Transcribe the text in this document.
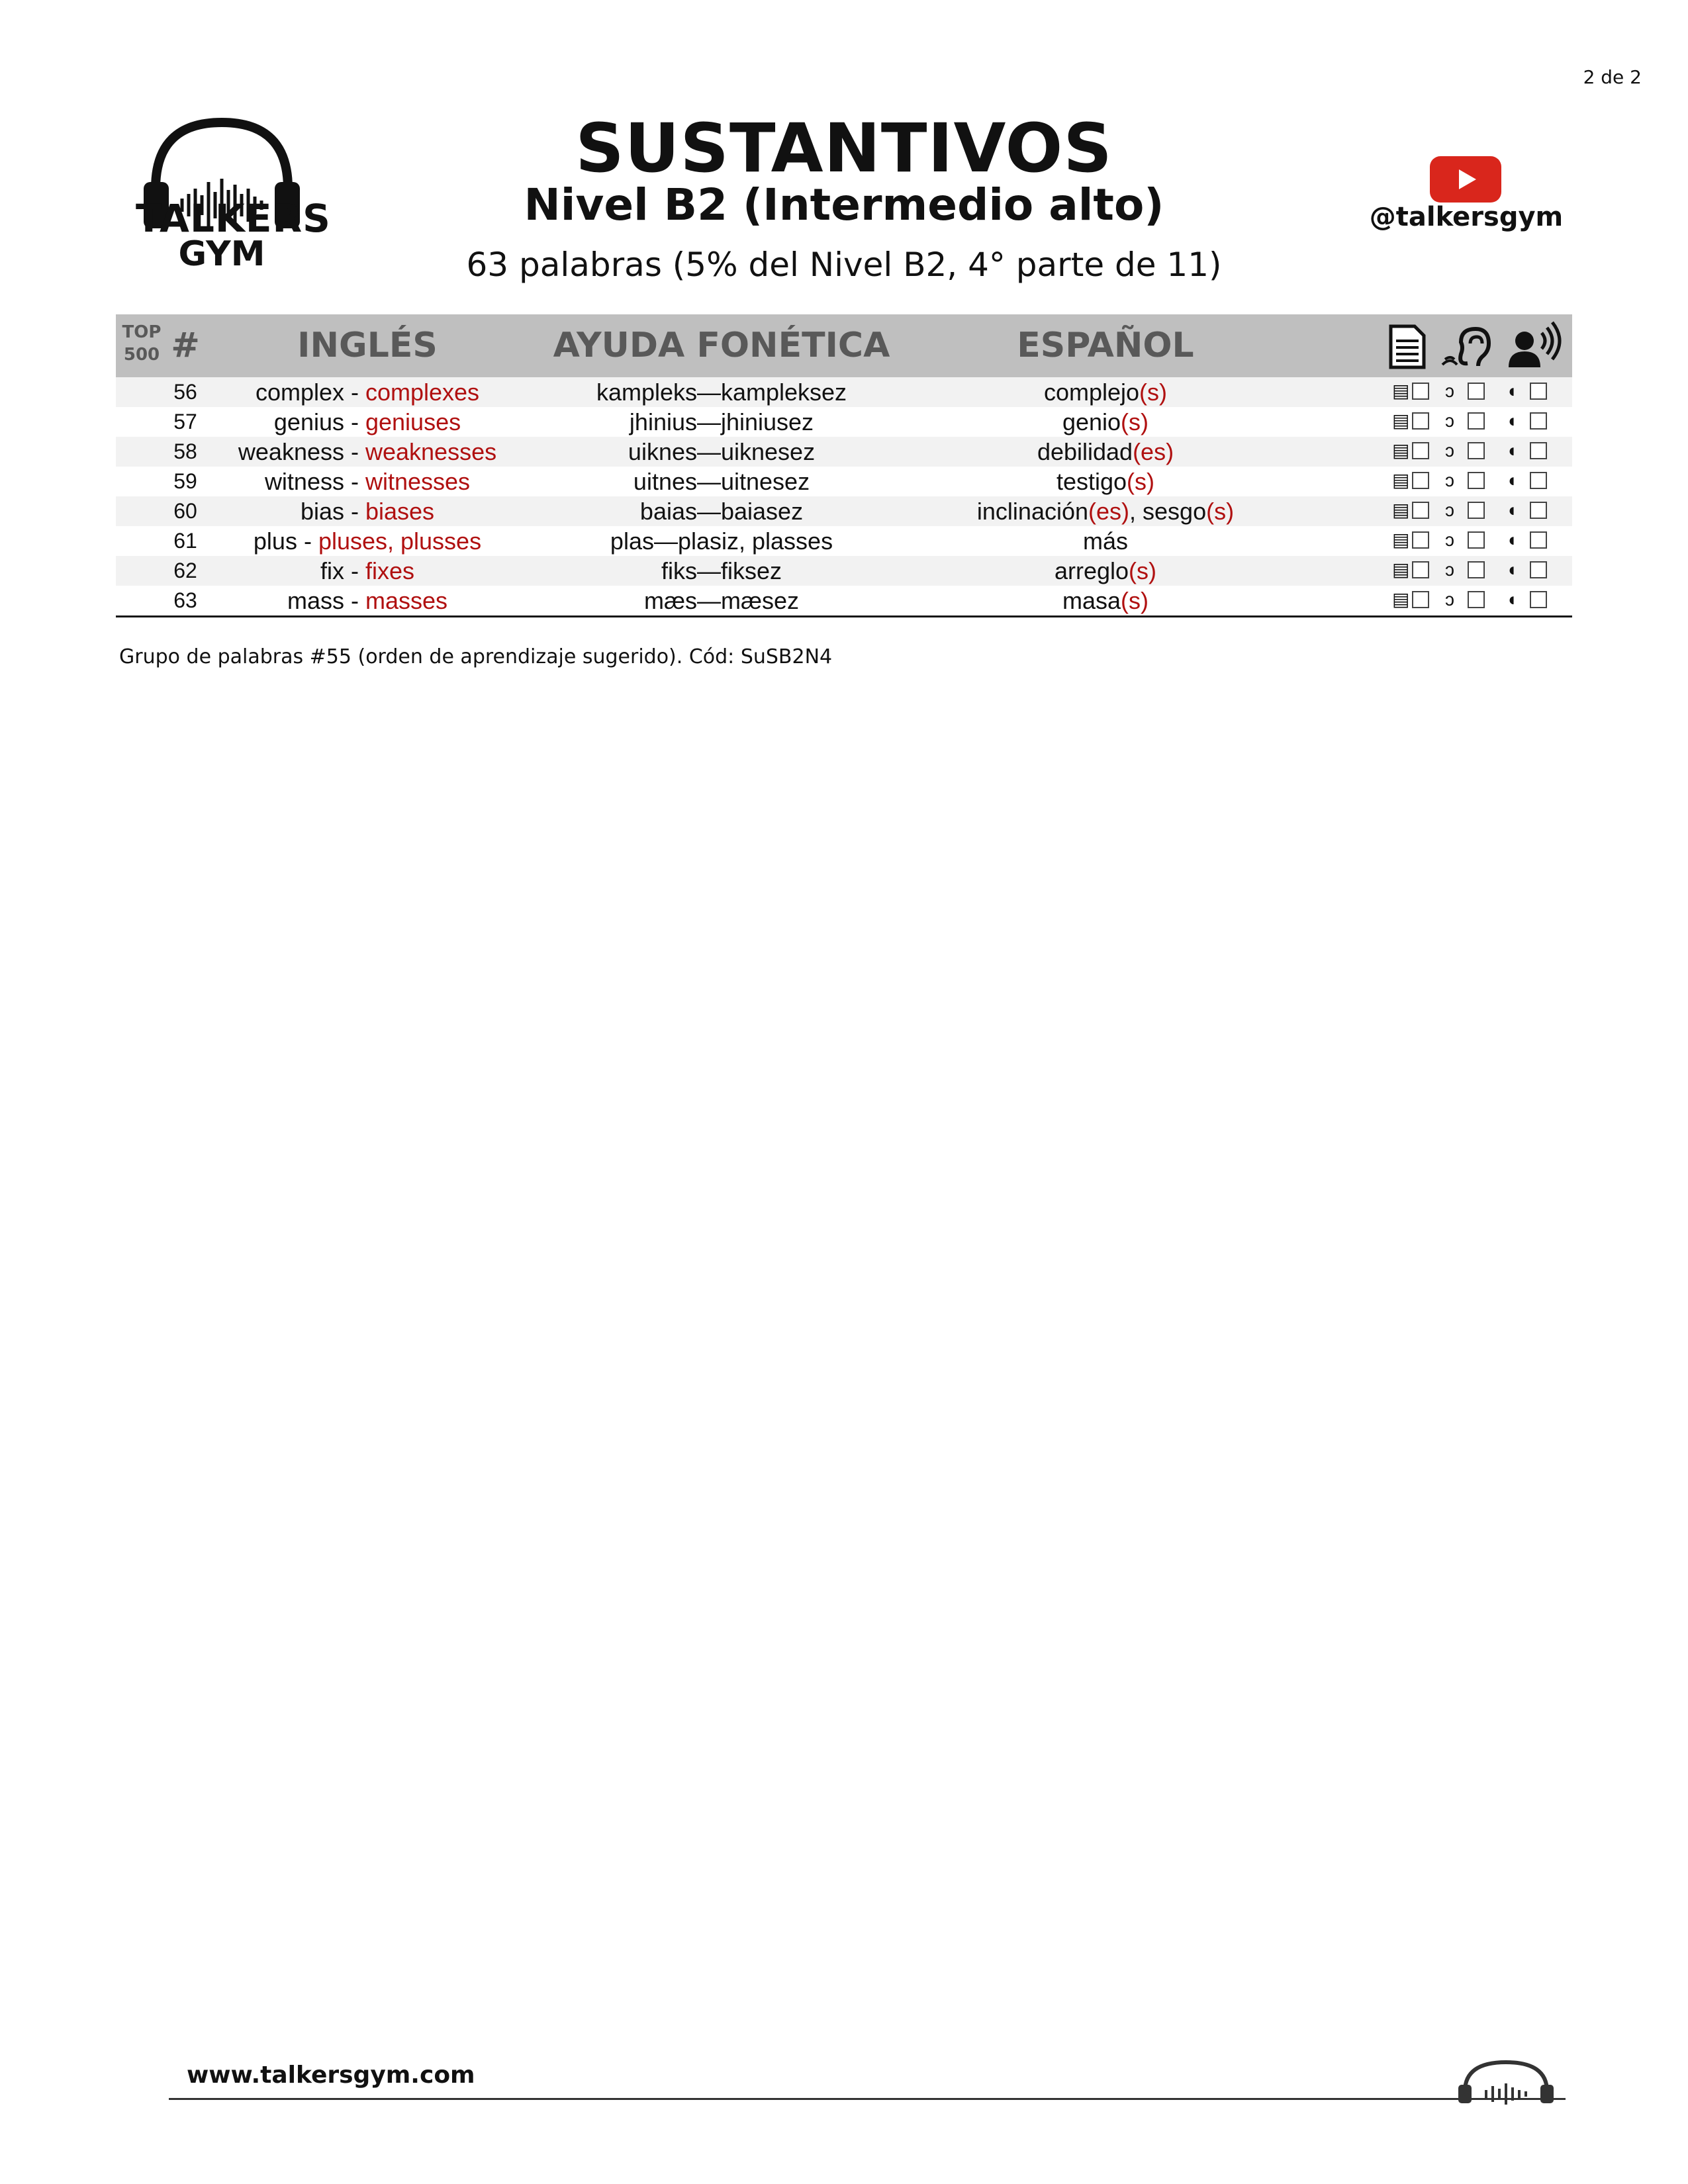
2 de 2
TALKERS
GYM
SUSTANTIVOS
Nivel B2 (Intermedio alto)
63 palabras (5% del Nivel B2, 4° parte de 11)
@talkersgym
TOP
500 #	INGLÉS	AYUDA FONÉTICA	ESPAÑOL
56	complex - complexes	kampleks—kampleksez	complejo(s)	▤ ↄ	◖
57	genius - geniuses	jhinius—jhiniusez	genio(s)	▤ ↄ	◖
58	weakness - weaknesses	uiknes—uiknesez	debilidad(es)	▤ ↄ	◖
59	witness - witnesses	uitnes—uitnesez	testigo(s)	▤ ↄ	◖
60	bias - biases	baias—baiasez	inclinación(es), sesgo(s)	▤ ↄ	◖
61	plus - pluses, plusses	plas—plasiz, plasses	más	▤ ↄ	◖
62	fix - fixes	fiks—fiksez	arreglo(s)	▤ ↄ	◖
63	mass - masses	mæs—mæsez	masa(s)	▤ ↄ	◖
Grupo de palabras #55 (orden de aprendizaje sugerido). Cód: SuSB2N4
www.talkersgym.com
